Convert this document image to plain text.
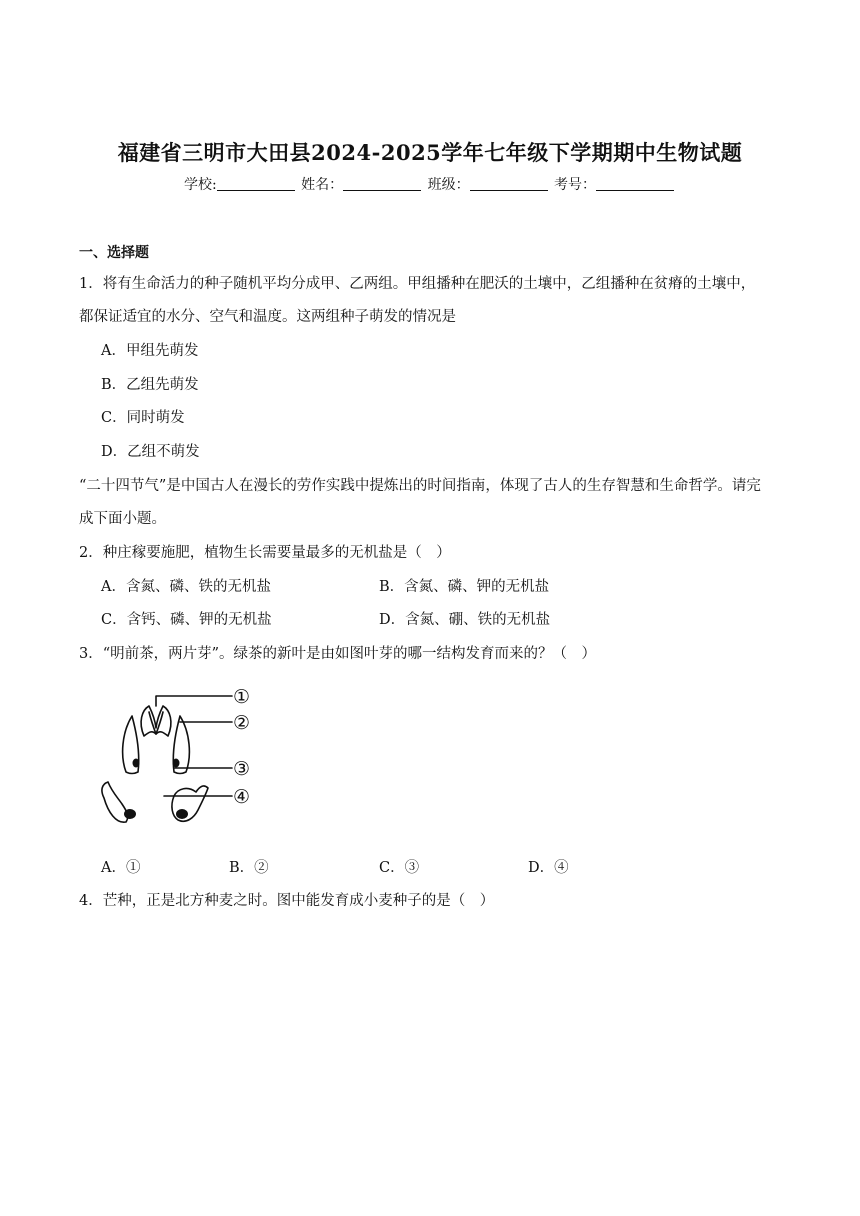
福建省三明市大田县2024-2025学年七年级下学期期中生物试题
学校:	姓名：	班级：	考号：
一、选择题
1．将有生命活力的种子随机平均分成甲、乙两组。甲组播种在肥沃的土壤中，乙组播种在贫瘠的土壤中，
都保证适宜的水分、空气和温度。这两组种子萌发的情况是
A．甲组先萌发
B．乙组先萌发
C．同时萌发
D．乙组不萌发
“二十四节气”是中国古人在漫长的劳作实践中提炼出的时间指南，体现了古人的生存智慧和生命哲学。请完
成下面小题。
2．种庄稼要施肥，植物生长需要量最多的无机盐是（　）
A．含氮、磷、铁的无机盐	B．含氮、磷、钾的无机盐
C．含钙、磷、钾的无机盐	D．含氮、硼、铁的无机盐
3．“明前茶，两片芽”。绿茶的新叶是由如图叶芽的哪一结构发育而来的？（　）
①
②
③
④
A．①	B．②	C．③	D．④
4．芒种，正是北方种麦之时。图中能发育成小麦种子的是（　）
